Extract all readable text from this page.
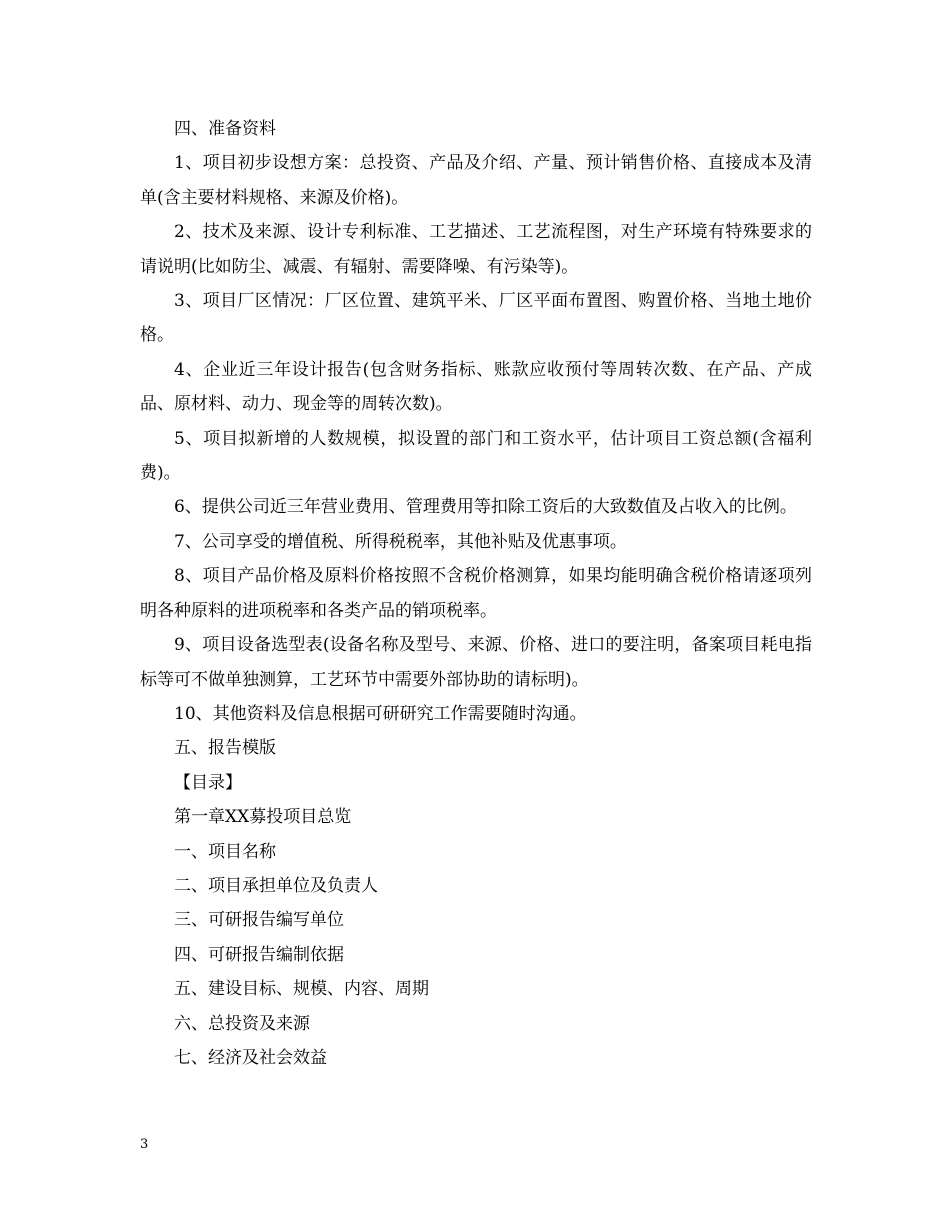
四、准备资料

1、项目初步设想方案：总投资、产品及介绍、产量、预计销售价格、直接成本及清单(含主要材料规格、来源及价格)。

2、技术及来源、设计专利标准、工艺描述、工艺流程图，对生产环境有特殊要求的请说明(比如防尘、减震、有辐射、需要降噪、有污染等)。

3、项目厂区情况：厂区位置、建筑平米、厂区平面布置图、购置价格、当地土地价格。

4、企业近三年设计报告(包含财务指标、账款应收预付等周转次数、在产品、产成品、原材料、动力、现金等的周转次数)。

5、项目拟新增的人数规模，拟设置的部门和工资水平，估计项目工资总额(含福利费)。

6、提供公司近三年营业费用、管理费用等扣除工资后的大致数值及占收入的比例。

7、公司享受的增值税、所得税税率，其他补贴及优惠事项。

8、项目产品价格及原料价格按照不含税价格测算，如果均能明确含税价格请逐项列明各种原料的进项税率和各类产品的销项税率。

9、项目设备选型表(设备名称及型号、来源、价格、进口的要注明，备案项目耗电指标等可不做单独测算，工艺环节中需要外部协助的请标明)。

10、其他资料及信息根据可研研究工作需要随时沟通。

五、报告模版

【目录】

第一章XX募投项目总览

一、项目名称

二、项目承担单位及负责人

三、可研报告编写单位

四、可研报告编制依据

五、建设目标、规模、内容、周期

六、总投资及来源

七、经济及社会效益

3
